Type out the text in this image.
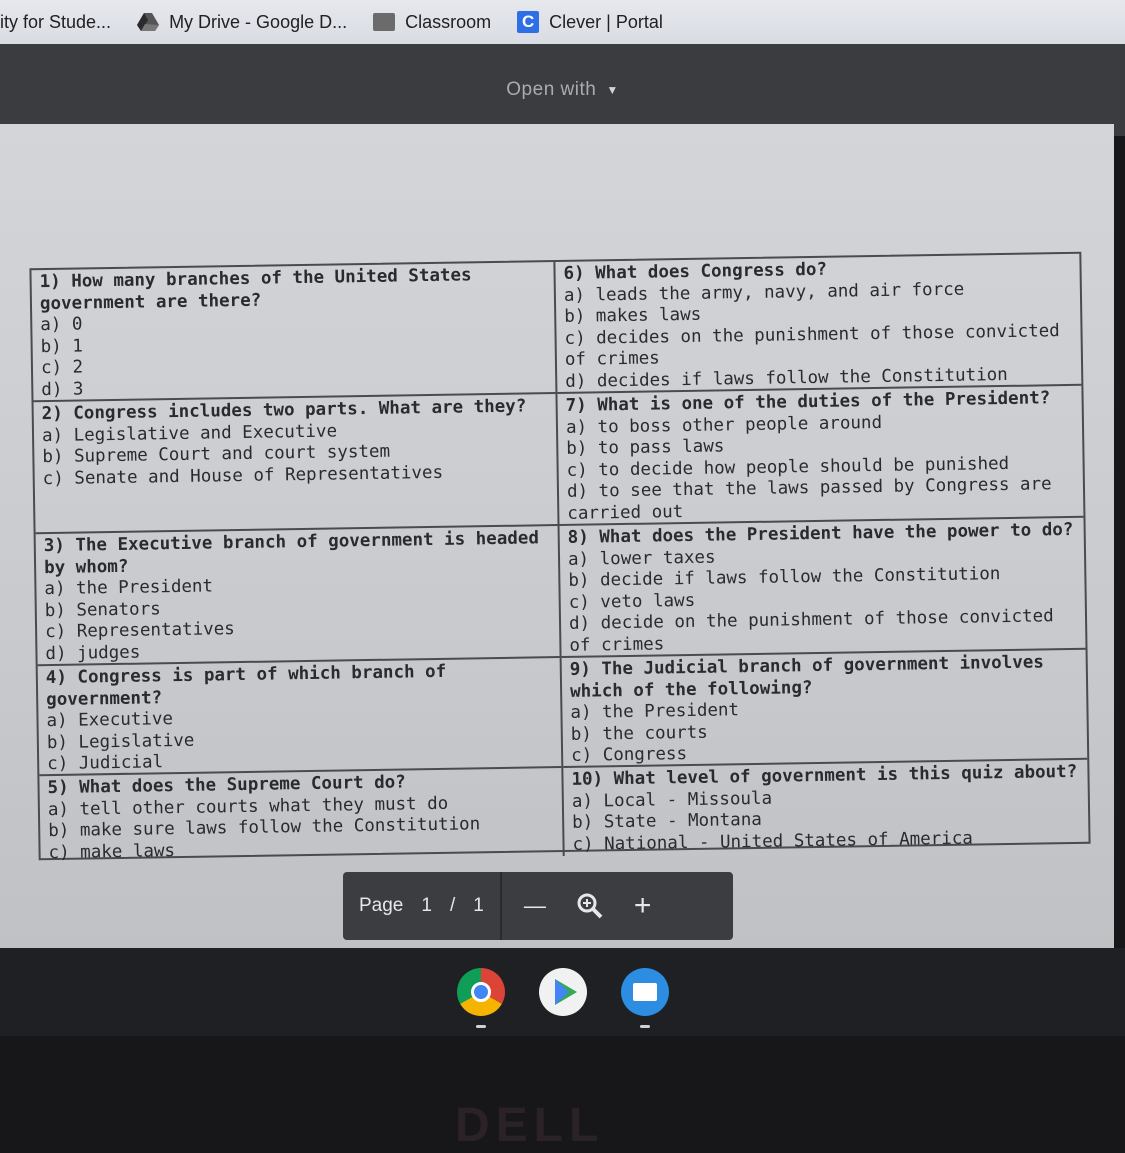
ity for Stude...	My Drive - Google D...	Classroom C Clever | Portal
Open with ▼
1) How many branches of the United States government are there?
a) 0
b) 1
c) 2
d) 3
2) Congress includes two parts. What are they?
a) Legislative and Executive
b) Supreme Court and court system
c) Senate and House of Representatives
3) The Executive branch of government is headed by whom?
a) the President
b) Senators
c) Representatives
d) judges
4) Congress is part of which branch of government?
a) Executive
b) Legislative
c) Judicial
5) What does the Supreme Court do?
a) tell other courts what they must do
b) make sure laws follow the Constitution
c) make laws
6) What does Congress do?
a) leads the army, navy, and air force
b) makes laws
c) decides on the punishment of those convicted of crimes
d) decides if laws follow the Constitution
7) What is one of the duties of the President?
a) to boss other people around
b) to pass laws
c) to decide how people should be punished
d) to see that the laws passed by Congress are carried out
8) What does the President have the power to do?
a) lower taxes
b) decide if laws follow the Constitution
c) veto laws
d) decide on the punishment of those convicted of crimes
9) The Judicial branch of government involves which of the following?
a) the President
b) the courts
c) Congress
10) What level of government is this quiz about?
a) Local - Missoula
b) State - Montana
c) National - United States of America
Page 1 / 1 —	+
DELL
